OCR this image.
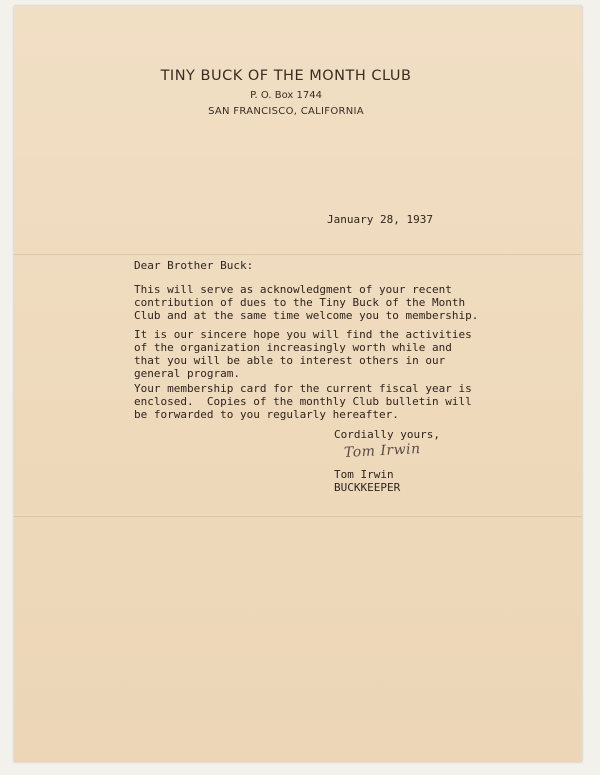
TINY BUCK OF THE MONTH CLUB
P. O. Box 1744
SAN FRANCISCO, CALIFORNIA
January 28, 1937
Dear Brother Buck:
This will serve as acknowledgment of your recent
contribution of dues to the Tiny Buck of the Month
Club and at the same time welcome you to membership.
It is our sincere hope you will find the activities
of the organization increasingly worth while and
that you will be able to interest others in our
general program.
Your membership card for the current fiscal year is
enclosed.  Copies of the monthly Club bulletin will
be forwarded to you regularly hereafter.
Cordially yours,
Tom Irwin
Tom Irwin
BUCKKEEPER
